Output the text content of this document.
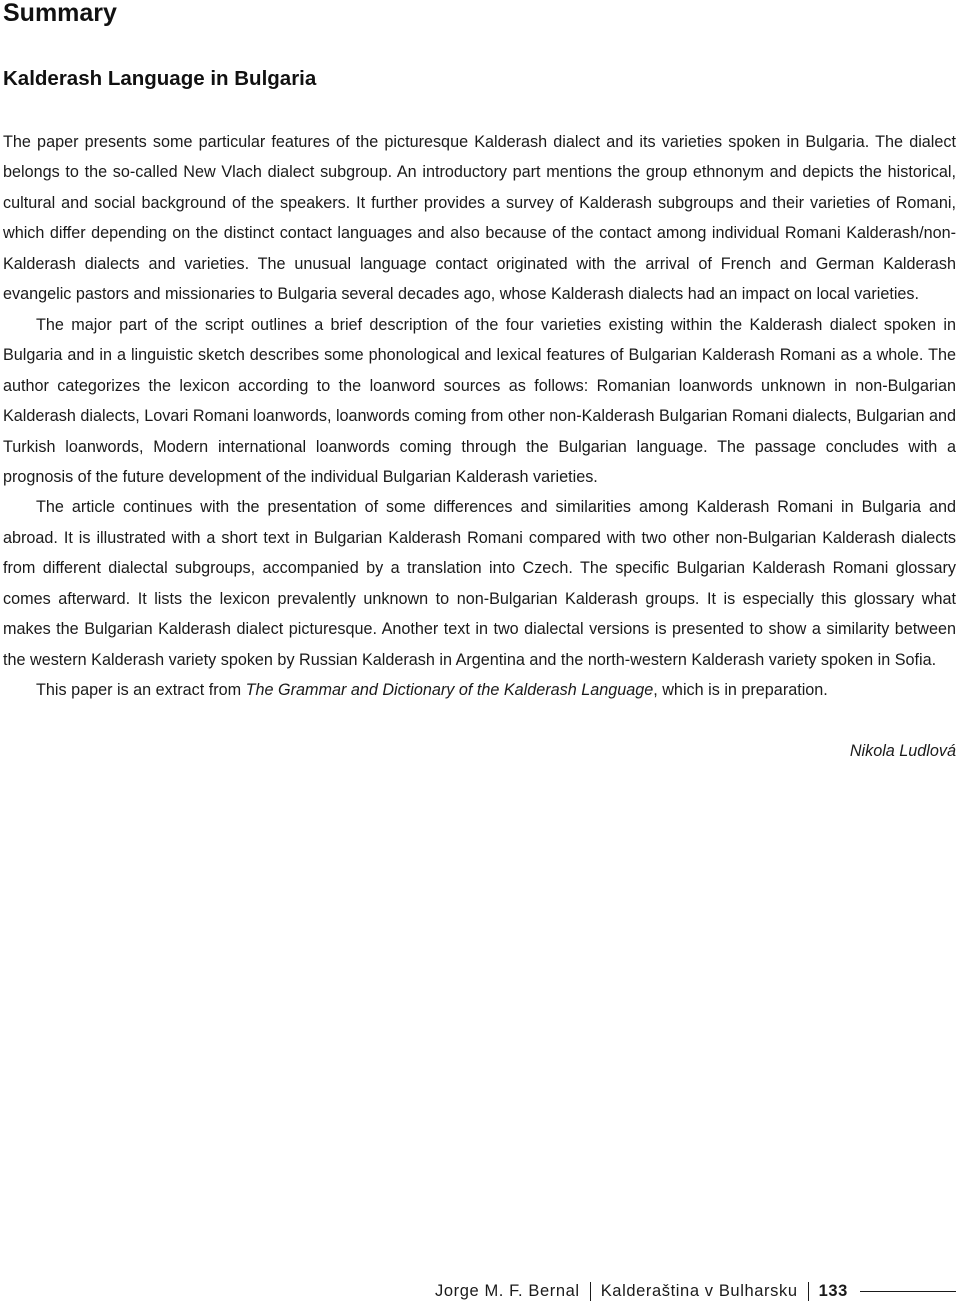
Summary
Kalderash Language in Bulgaria

The paper presents some particular features of the picturesque Kalderash dialect and its varieties spoken in Bulgaria. The dialect belongs to the so-called New Vlach dialect subgroup. An introductory part mentions the group ethnonym and depicts the historical, cultural and social background of the speakers. It further provides a survey of Kalderash subgroups and their varieties of Romani, which differ depending on the distinct contact languages and also because of the contact among individual Romani Kalderash/non-Kalderash dialects and varieties. The unusual language contact originated with the arrival of French and German Kalderash evangelic pastors and missionaries to Bulgaria several decades ago, whose Kalderash dialects had an impact on local varieties.

The major part of the script outlines a brief description of the four varieties existing within the Kalderash dialect spoken in Bulgaria and in a linguistic sketch describes some phonological and lexical features of Bulgarian Kalderash Romani as a whole. The author categorizes the lexicon according to the loanword sources as follows: Romanian loanwords unknown in non-Bulgarian Kalderash dialects, Lovari Romani loanwords, loanwords coming from other non-Kalderash Bulgarian Romani dialects, Bulgarian and Turkish loanwords, Modern international loanwords coming through the Bulgarian language. The passage concludes with a prognosis of the future development of the individual Bulgarian Kalderash varieties.

The article continues with the presentation of some differences and similarities among Kalderash Romani in Bulgaria and abroad. It is illustrated with a short text in Bulgarian Kalderash Romani compared with two other non-Bulgarian Kalderash dialects from different dialectal subgroups, accompanied by a translation into Czech. The specific Bulgarian Kalderash Romani glossary comes afterward. It lists the lexicon prevalently unknown to non-Bulgarian Kalderash groups. It is especially this glossary what makes the Bulgarian Kalderash dialect picturesque. Another text in two dialectal versions is presented to show a similarity between the western Kalderash variety spoken by Russian Kalderash in Argentina and the north-western Kalderash variety spoken in Sofia.

This paper is an extract from The Grammar and Dictionary of the Kalderash Language, which is in preparation.

Nikola Ludlová
Jorge M. F. Bernal Kalderaština v Bulharsku 133
